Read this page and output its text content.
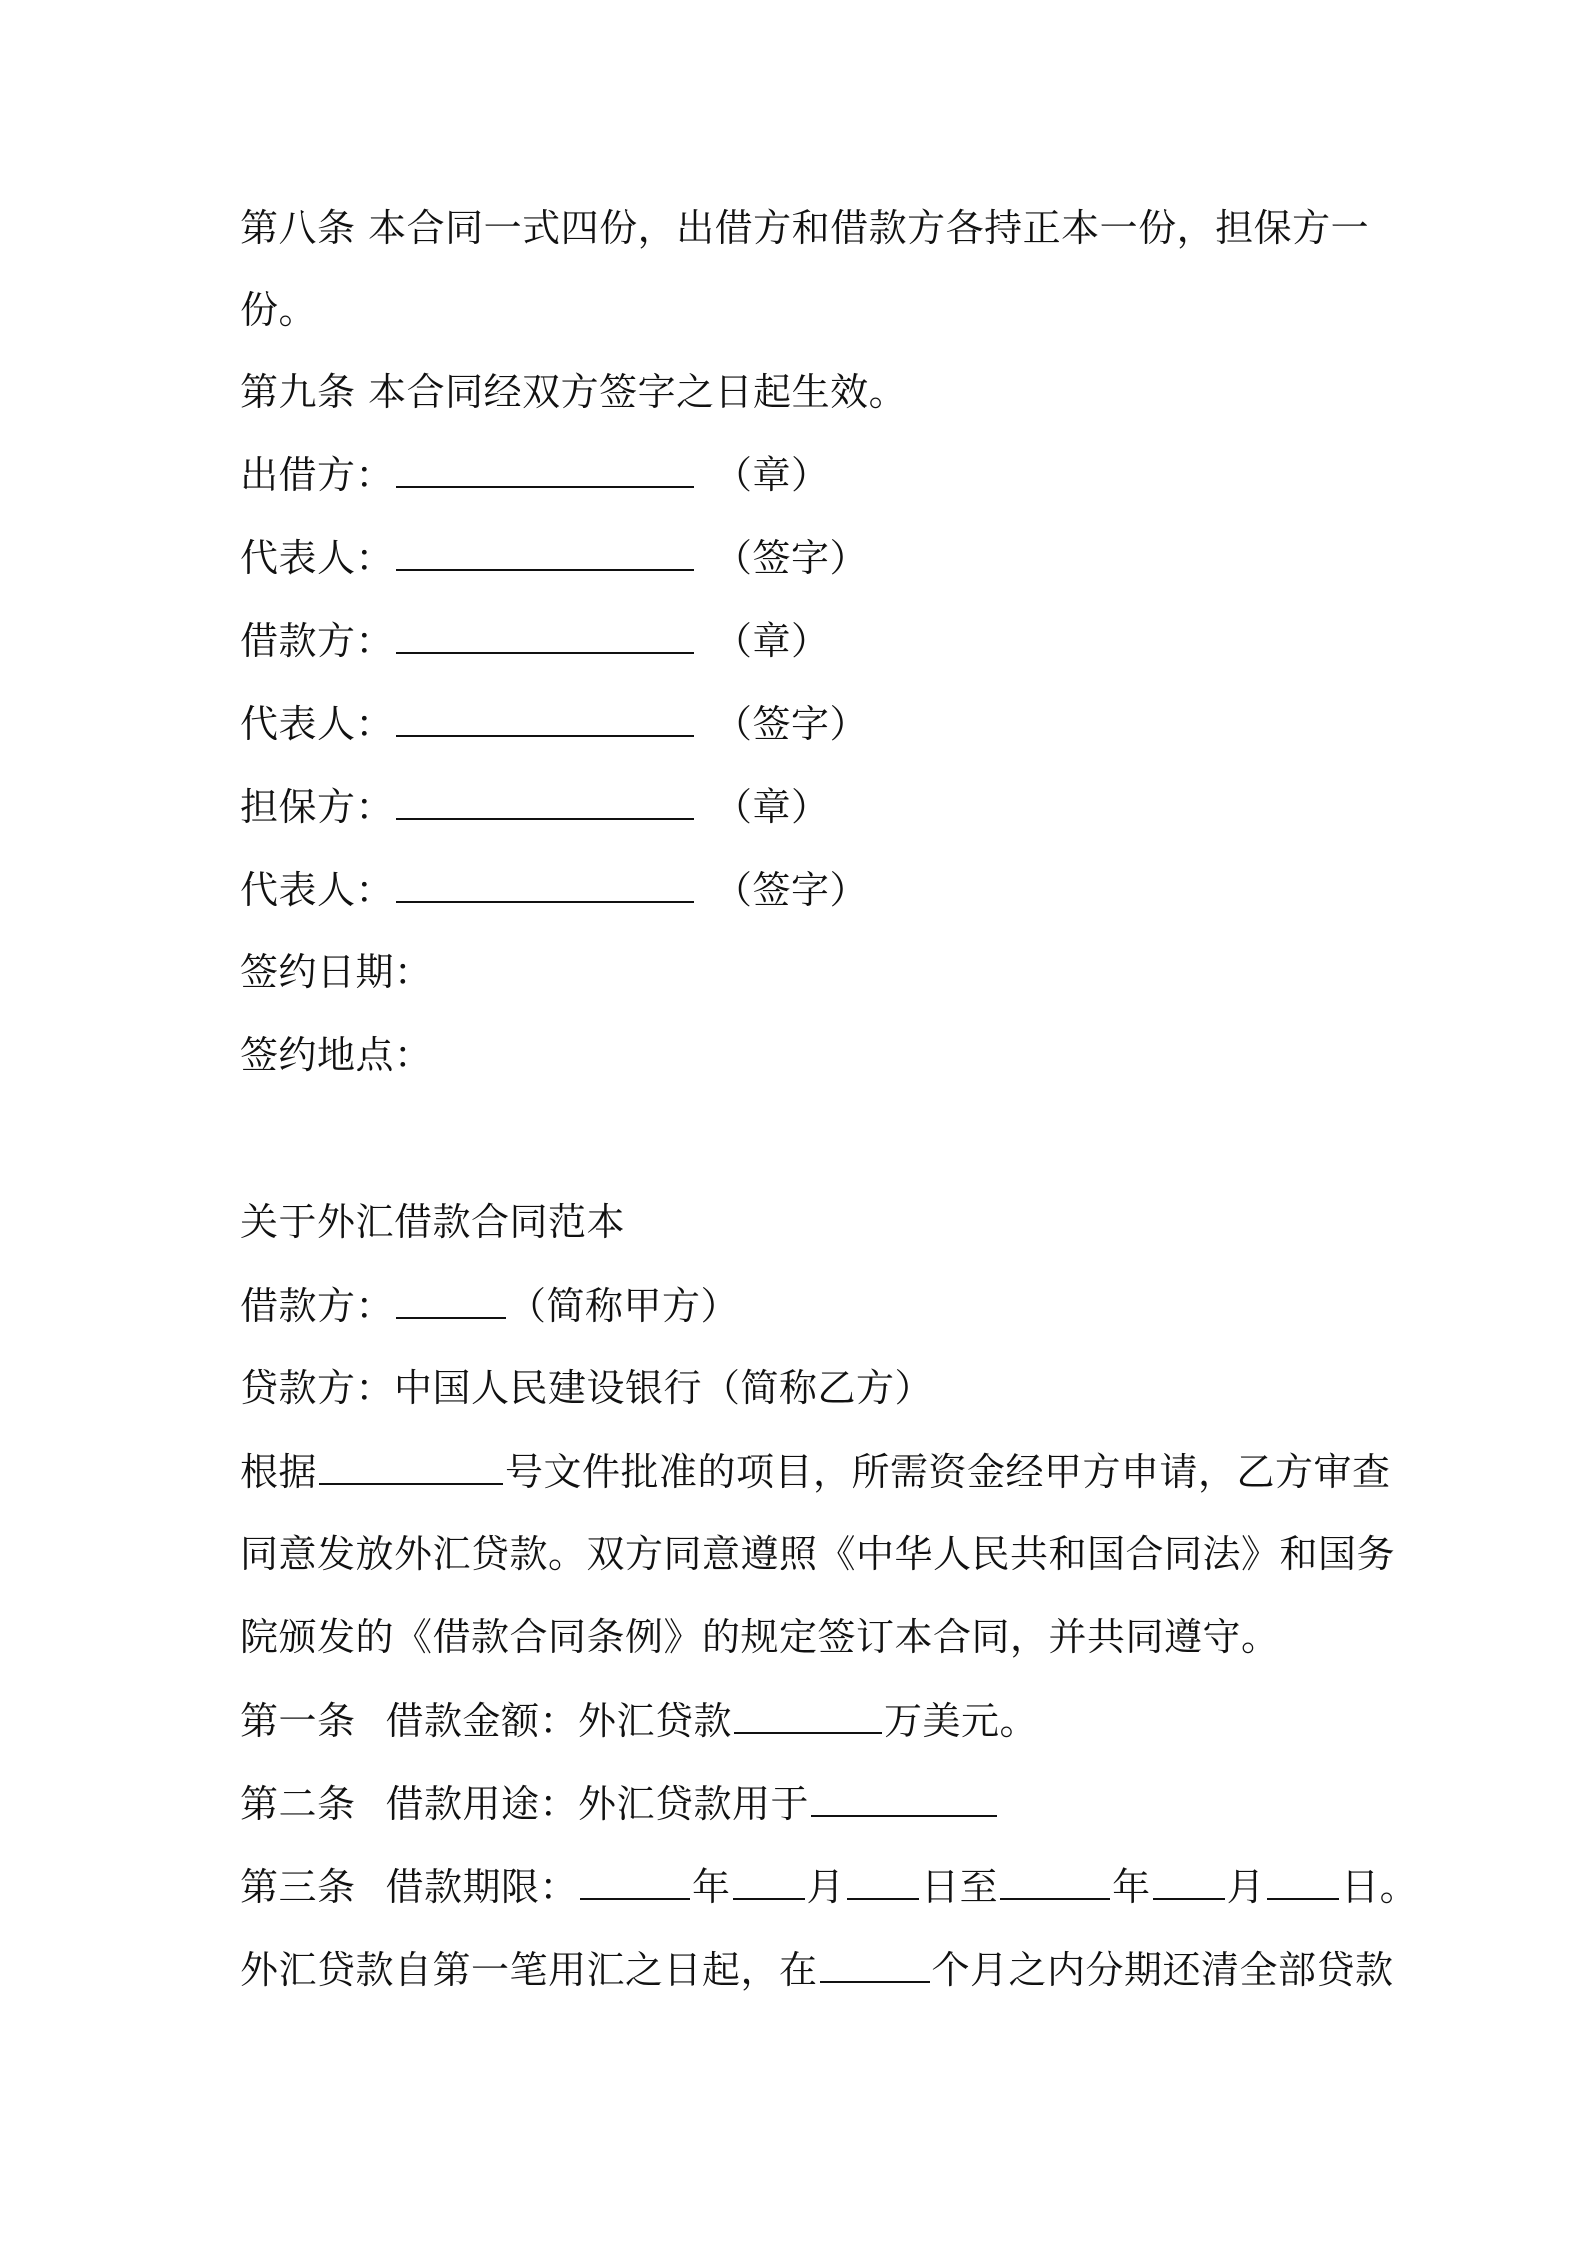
第八条 本合同一式四份，出借方和借款方各持正本一份，担保方一
份。
第九条 本合同经双方签字之日起生效。
出借方：	（章）
代表人：	（签字）
借款方：	（章）
代表人：	（签字）
担保方：	（章）
代表人：	（签字）
签约日期：
签约地点：
关于外汇借款合同范本
借款方：	（简称甲方）
贷款方：中国人民建设银行（简称乙方）
根据	号文件批准的项目，所需资金经甲方申请，乙方审查
同意发放外汇贷款。双方同意遵照《中华人民共和国合同法》和国务
院颁发的《借款合同条例》的规定签订本合同，并共同遵守。
第一条 借款金额：外汇贷款	万美元。
第二条 借款用途：外汇贷款用于
第三条 借款期限：	年 月 日至	年 月 日。
外汇贷款自第一笔用汇之日起，在	个月之内分期还清全部贷款
